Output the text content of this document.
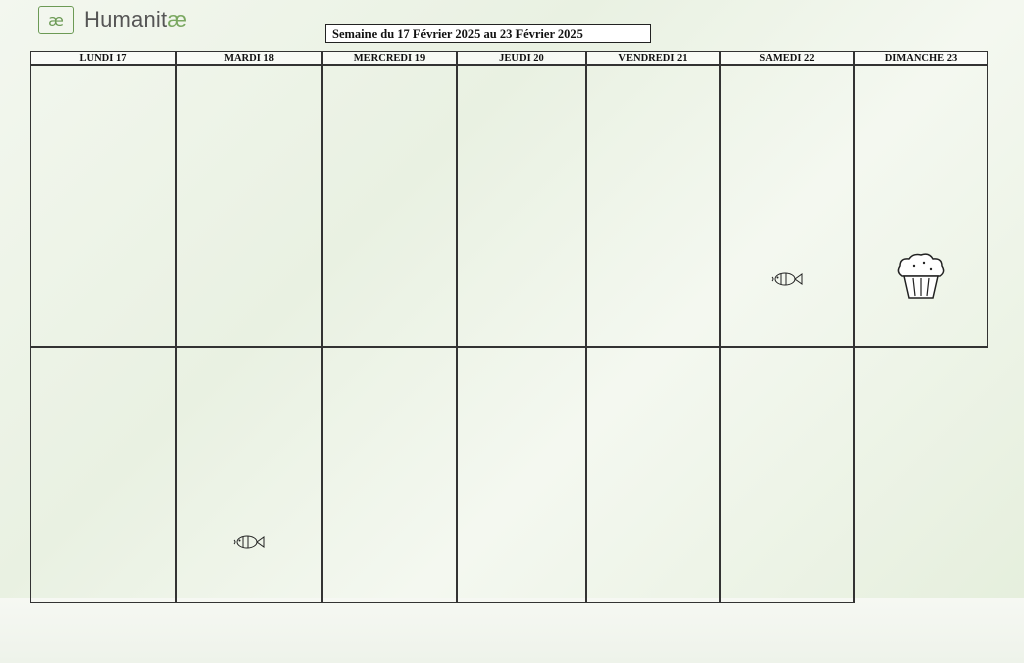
æ Humanitæ
Semaine du 17 Février 2025 au 23 Février 2025
LUNDI 17	MARDI 18	MERCREDI 19	JEUDI 20	VENDREDI 21	SAMEDI 22	DIMANCHE 23
